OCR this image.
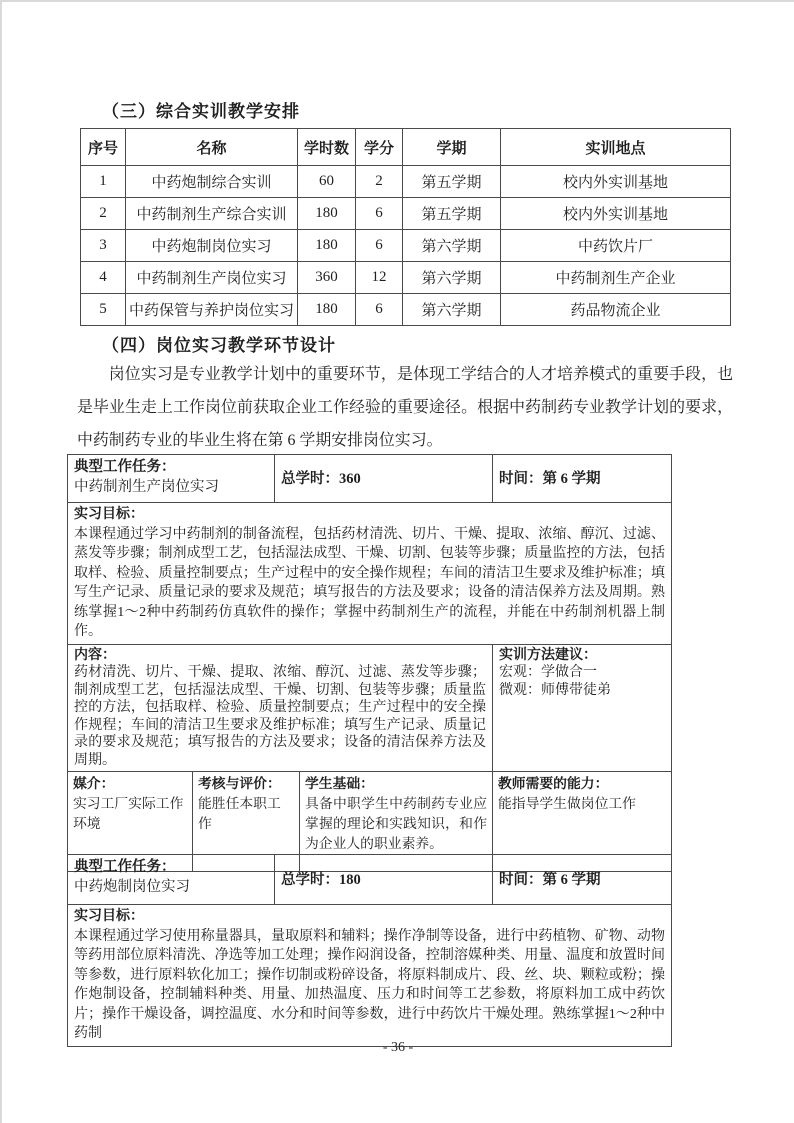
（三）综合实训教学安排
序号	名称	学时数	学分	学期	实训地点
1	中药炮制综合实训	60	2	第五学期	校内外实训基地
2	中药制剂生产综合实训	180	6	第五学期	校内外实训基地
3	中药炮制岗位实习	180	6	第六学期	中药饮片厂
4	中药制剂生产岗位实习	360	12	第六学期	中药制剂生产企业
5	中药保管与养护岗位实习	180	6	第六学期	药品物流企业
（四）岗位实习教学环节设计

岗位实习是专业教学计划中的重要环节，是体现工学结合的人才培养模式的重要手段，也是毕业生走上工作岗位前获取企业工作经验的重要途径。根据中药制药专业教学计划的要求，中药制药专业的毕业生将在第 6 学期安排岗位实习。

典型工作任务：
中药制剂生产岗位实习		总学时：360		时间：第 6 学期

实习目标：
本课程通过学习中药制剂的制备流程，包括药材清洗、切片、干燥、提取、浓缩、醇沉、过滤、蒸发等步骤；制剂成型工艺，包括湿法成型、干燥、切割、包装等步骤；质量监控的方法，包括取样、检验、质量控制要点；生产过程中的安全操作规程；车间的清洁卫生要求及维护标准；填写生产记录、质量记录的要求及规范；填写报告的方法及要求；设备的清洁保养方法及周期。熟练掌握1～2种中药制药仿真软件的操作；掌握中药制剂生产的流程，并能在中药制剂机器上制作。				

内容：
药材清洗、切片、干燥、提取、浓缩、醇沉、过滤、蒸发等步骤；制剂成型工艺，包括湿法成型、干燥、切割、包装等步骤；质量监控的方法，包括取样、检验、质量控制要点；生产过程中的安全操作规程；车间的清洁卫生要求及维护标准；填写生产记录、质量记录的要求及规范；填写报告的方法及要求；设备的清洁保养方法及周期。

实训方法建议：
宏观：学做合一
微观：师傅带徒弟

媒介：
实习工厂实际工作环境

考核与评价：
能胜任本职工作

学生基础：
具备中职学生中药制药专业应掌握的理论和实践知识，和作为企业人的职业素养。

教师需要的能力：
能指导学生做岗位工作
典型工作任务：
中药炮制岗位实习	总学时：180	时间：第 6 学期

实习目标：
本课程通过学习使用称量器具，量取原料和辅料；操作净制等设备，进行中药植物、矿物、动物等药用部位原料清洗、净选等加工处理；操作闷润设备，控制溶媒种类、用量、温度和放置时间等参数，进行原料软化加工；操作切制或粉碎设备，将原料制成片、段、丝、块、颗粒或粉；操作炮制设备，控制辅料种类、用量、加热温度、压力和时间等工艺参数，将原料加工成中药饮片；操作干燥设备，调控温度、水分和时间等参数，进行中药饮片干燥处理。熟练掌握1～2种中药制
- 36 -
